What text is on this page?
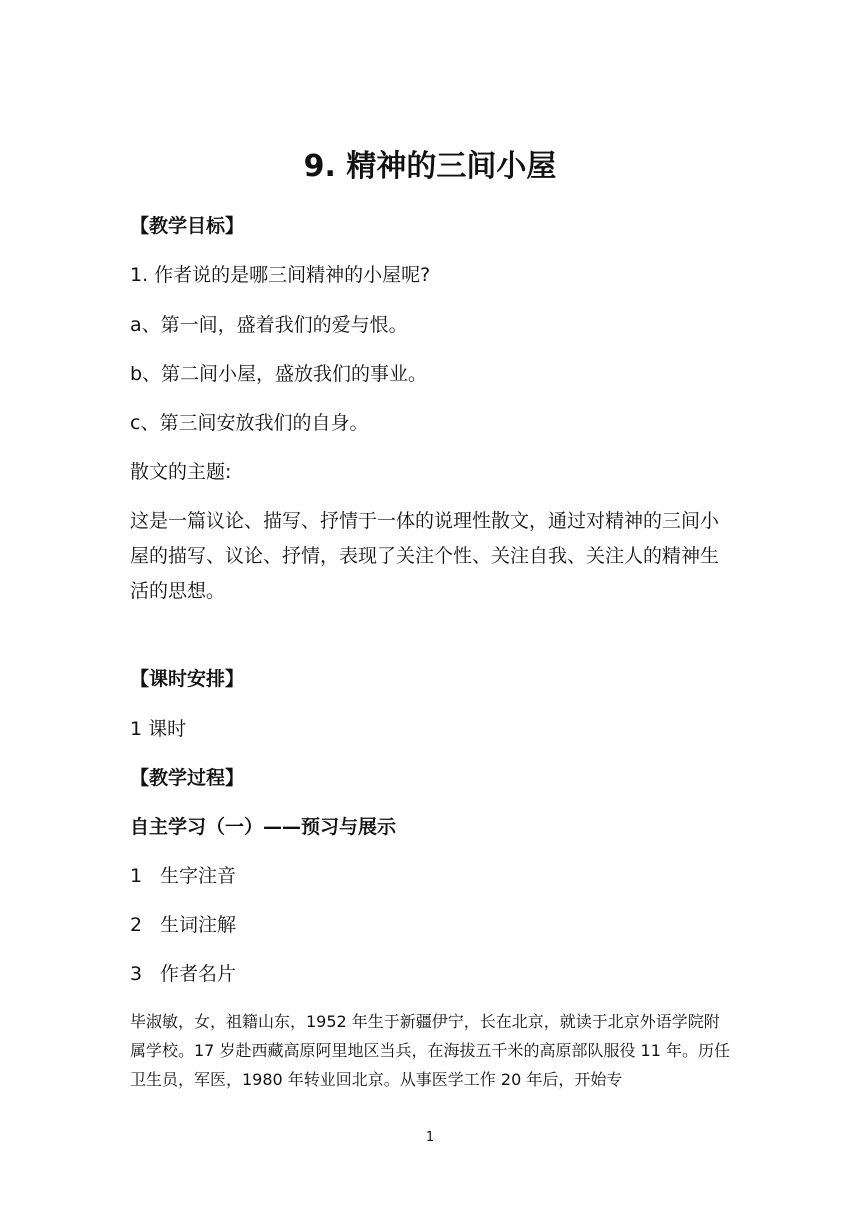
9. 精神的三间小屋
【教学目标】
1. 作者说的是哪三间精神的小屋呢?
a、第一间，盛着我们的爱与恨。
b、第二间小屋，盛放我们的事业。
c、第三间安放我们的自身。
散文的主题:
这是一篇议论、描写、抒情于一体的说理性散文，通过对精神的三间小屋的描写、议论、抒情，表现了关注个性、关注自我、关注人的精神生活的思想。
【课时安排】
1 课时
【教学过程】
自主学习（一）——预习与展示
1 生字注音
2 生词注解
3 作者名片
毕淑敏，女，祖籍山东，1952 年生于新疆伊宁，长在北京，就读于北京外语学院附属学校。17 岁赴西藏高原阿里地区当兵，在海拔五千米的高原部队服役 11 年。历任卫生员，军医，1980 年转业回北京。从事医学工作 20 年后，开始专
1
